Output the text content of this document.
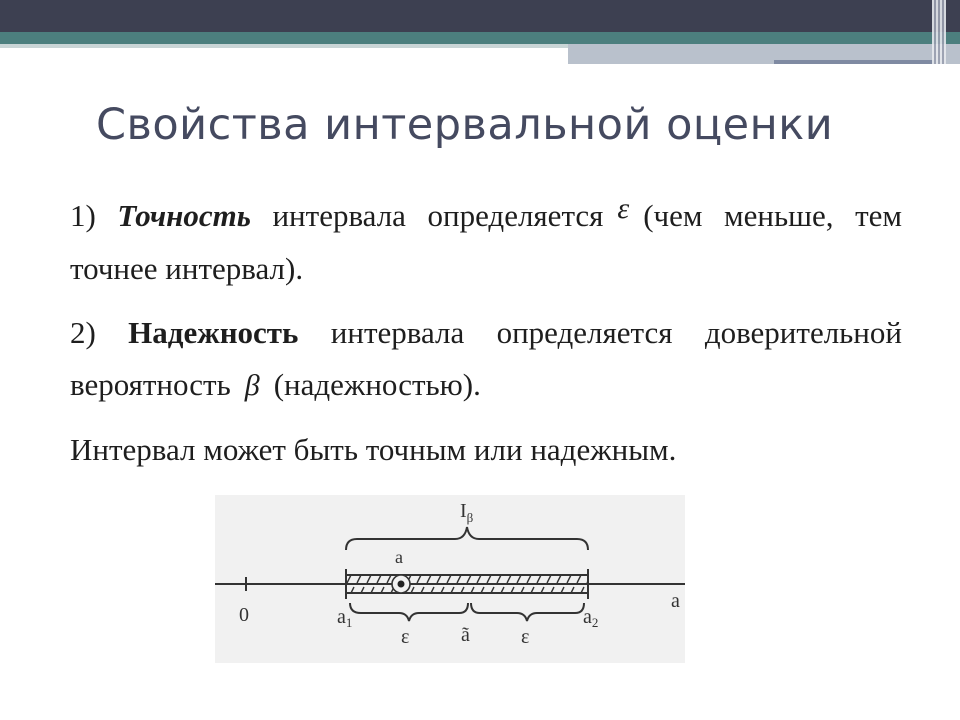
Свойства интервальной оценки

1) Точность интервала определяется ε (чем меньше, тем точнее интервал).

2) Надежность интервала определяется доверительной вероятность β (надежностью).

Интервал может быть точным или надежным.

$I_\beta$
a
0	$a_1$	$a_2$
a
ã
ε	ε
